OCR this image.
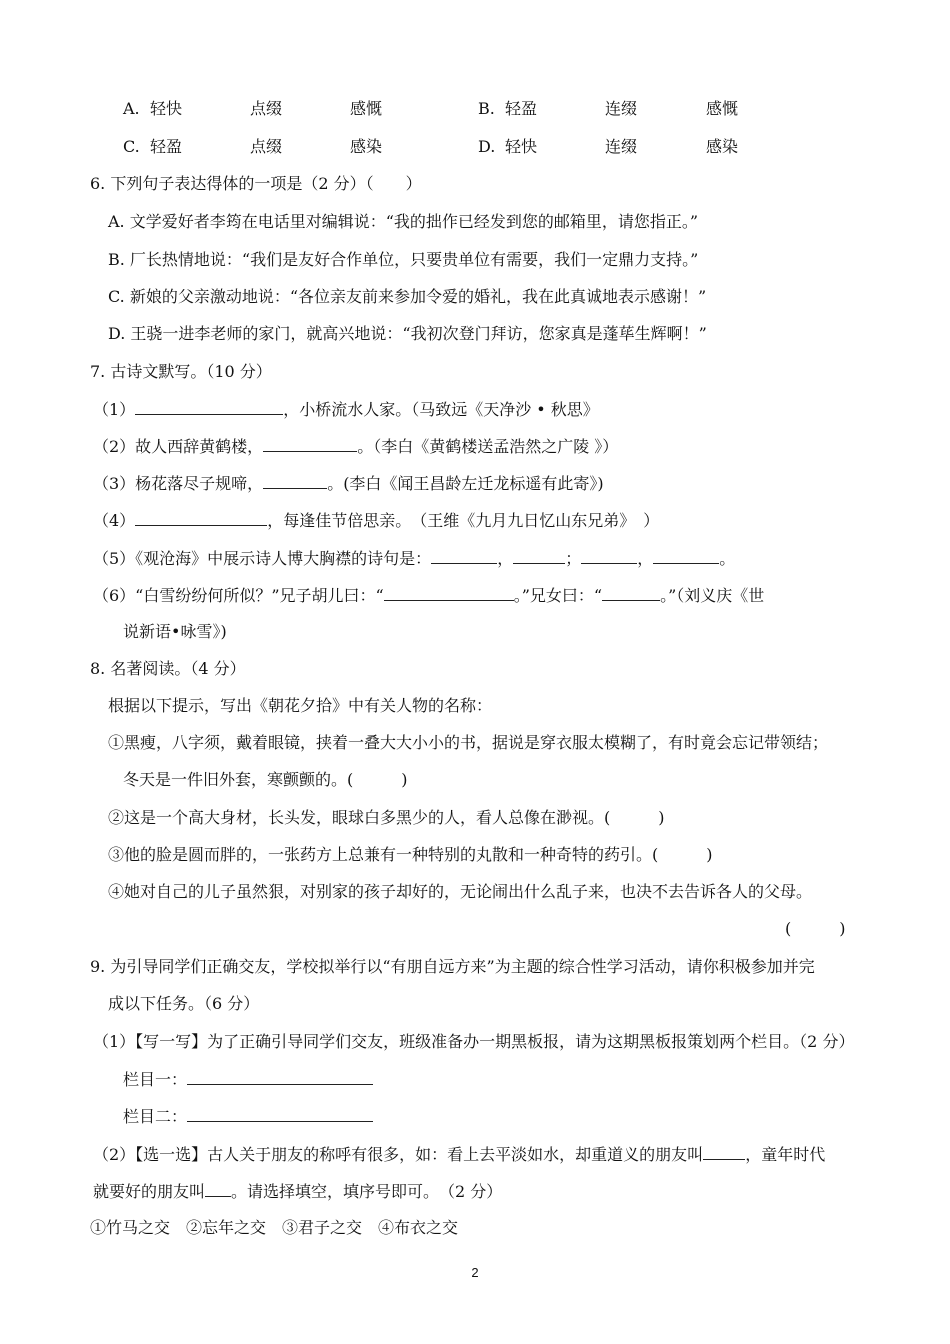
A. 轻快	点缀	感慨	B. 轻盈	连缀	感慨
C. 轻盈	点缀	感染	D. 轻快	连缀	感染
6. 下列句子表达得体的一项是（2 分）（　　）
A. 文学爱好者李筠在电话里对编辑说：“我的拙作已经发到您的邮箱里，请您指正。”
B. 厂长热情地说：“我们是友好合作单位，只要贵单位有需要，我们一定鼎力支持。”
C. 新娘的父亲激动地说：“各位亲友前来参加令爱的婚礼，我在此真诚地表示感谢！”
D. 王骁一进李老师的家门，就高兴地说：“我初次登门拜访，您家真是蓬荜生辉啊！”
7. 古诗文默写。（10 分）
（1）	，小桥流水人家。（马致远《天净沙 • 秋思》
（2）故人西辞黄鹤楼，	。（李白《黄鹤楼送孟浩然之广陵 》）
（3）杨花落尽子规啼，	。(李白《闻王昌龄左迁龙标遥有此寄》)
（4）	，每逢佳节倍思亲。　（王维《九月九日忆山东兄弟》　）
（5）《观沧海》中展示诗人博大胸襟的诗句是：	，	；	，	。
（6）“白雪纷纷何所似？”兄子胡儿曰：“	。”兄女曰：“	。”（刘义庆《世
说新语•咏雪》)
8. 名著阅读。（4 分）
根据以下提示，写出《朝花夕拾》中有关人物的名称：
①黑瘦，八字须，戴着眼镜，挟着一叠大大小小的书，据说是穿衣服太模糊了，有时竟会忘记带领结；
冬天是一件旧外套，寒颤颤的。(　　　)
②这是一个高大身材，长头发，眼球白多黑少的人，看人总像在渺视。(　　　)
③他的脸是圆而胖的，一张药方上总兼有一种特别的丸散和一种奇特的药引。(　　　)
④她对自己的儿子虽然狠，对别家的孩子却好的，无论闹出什么乱子来，也决不去告诉各人的父母。
(　　　)
9. 为引导同学们正确交友，学校拟举行以“有朋自远方来”为主题的综合性学习活动，请你积极参加并完
成以下任务。（6 分）
（1）【写一写】为了正确引导同学们交友，班级准备办一期黑板报，请为这期黑板报策划两个栏目。（2 分）
栏目一：
栏目二：
（2）【选一选】古人关于朋友的称呼有很多，如：看上去平淡如水，却重道义的朋友叫	，童年时代
就要好的朋友叫 。请选择填空，填序号即可。　（2 分）
①竹马之交　②忘年之交　③君子之交　④布衣之交
2
